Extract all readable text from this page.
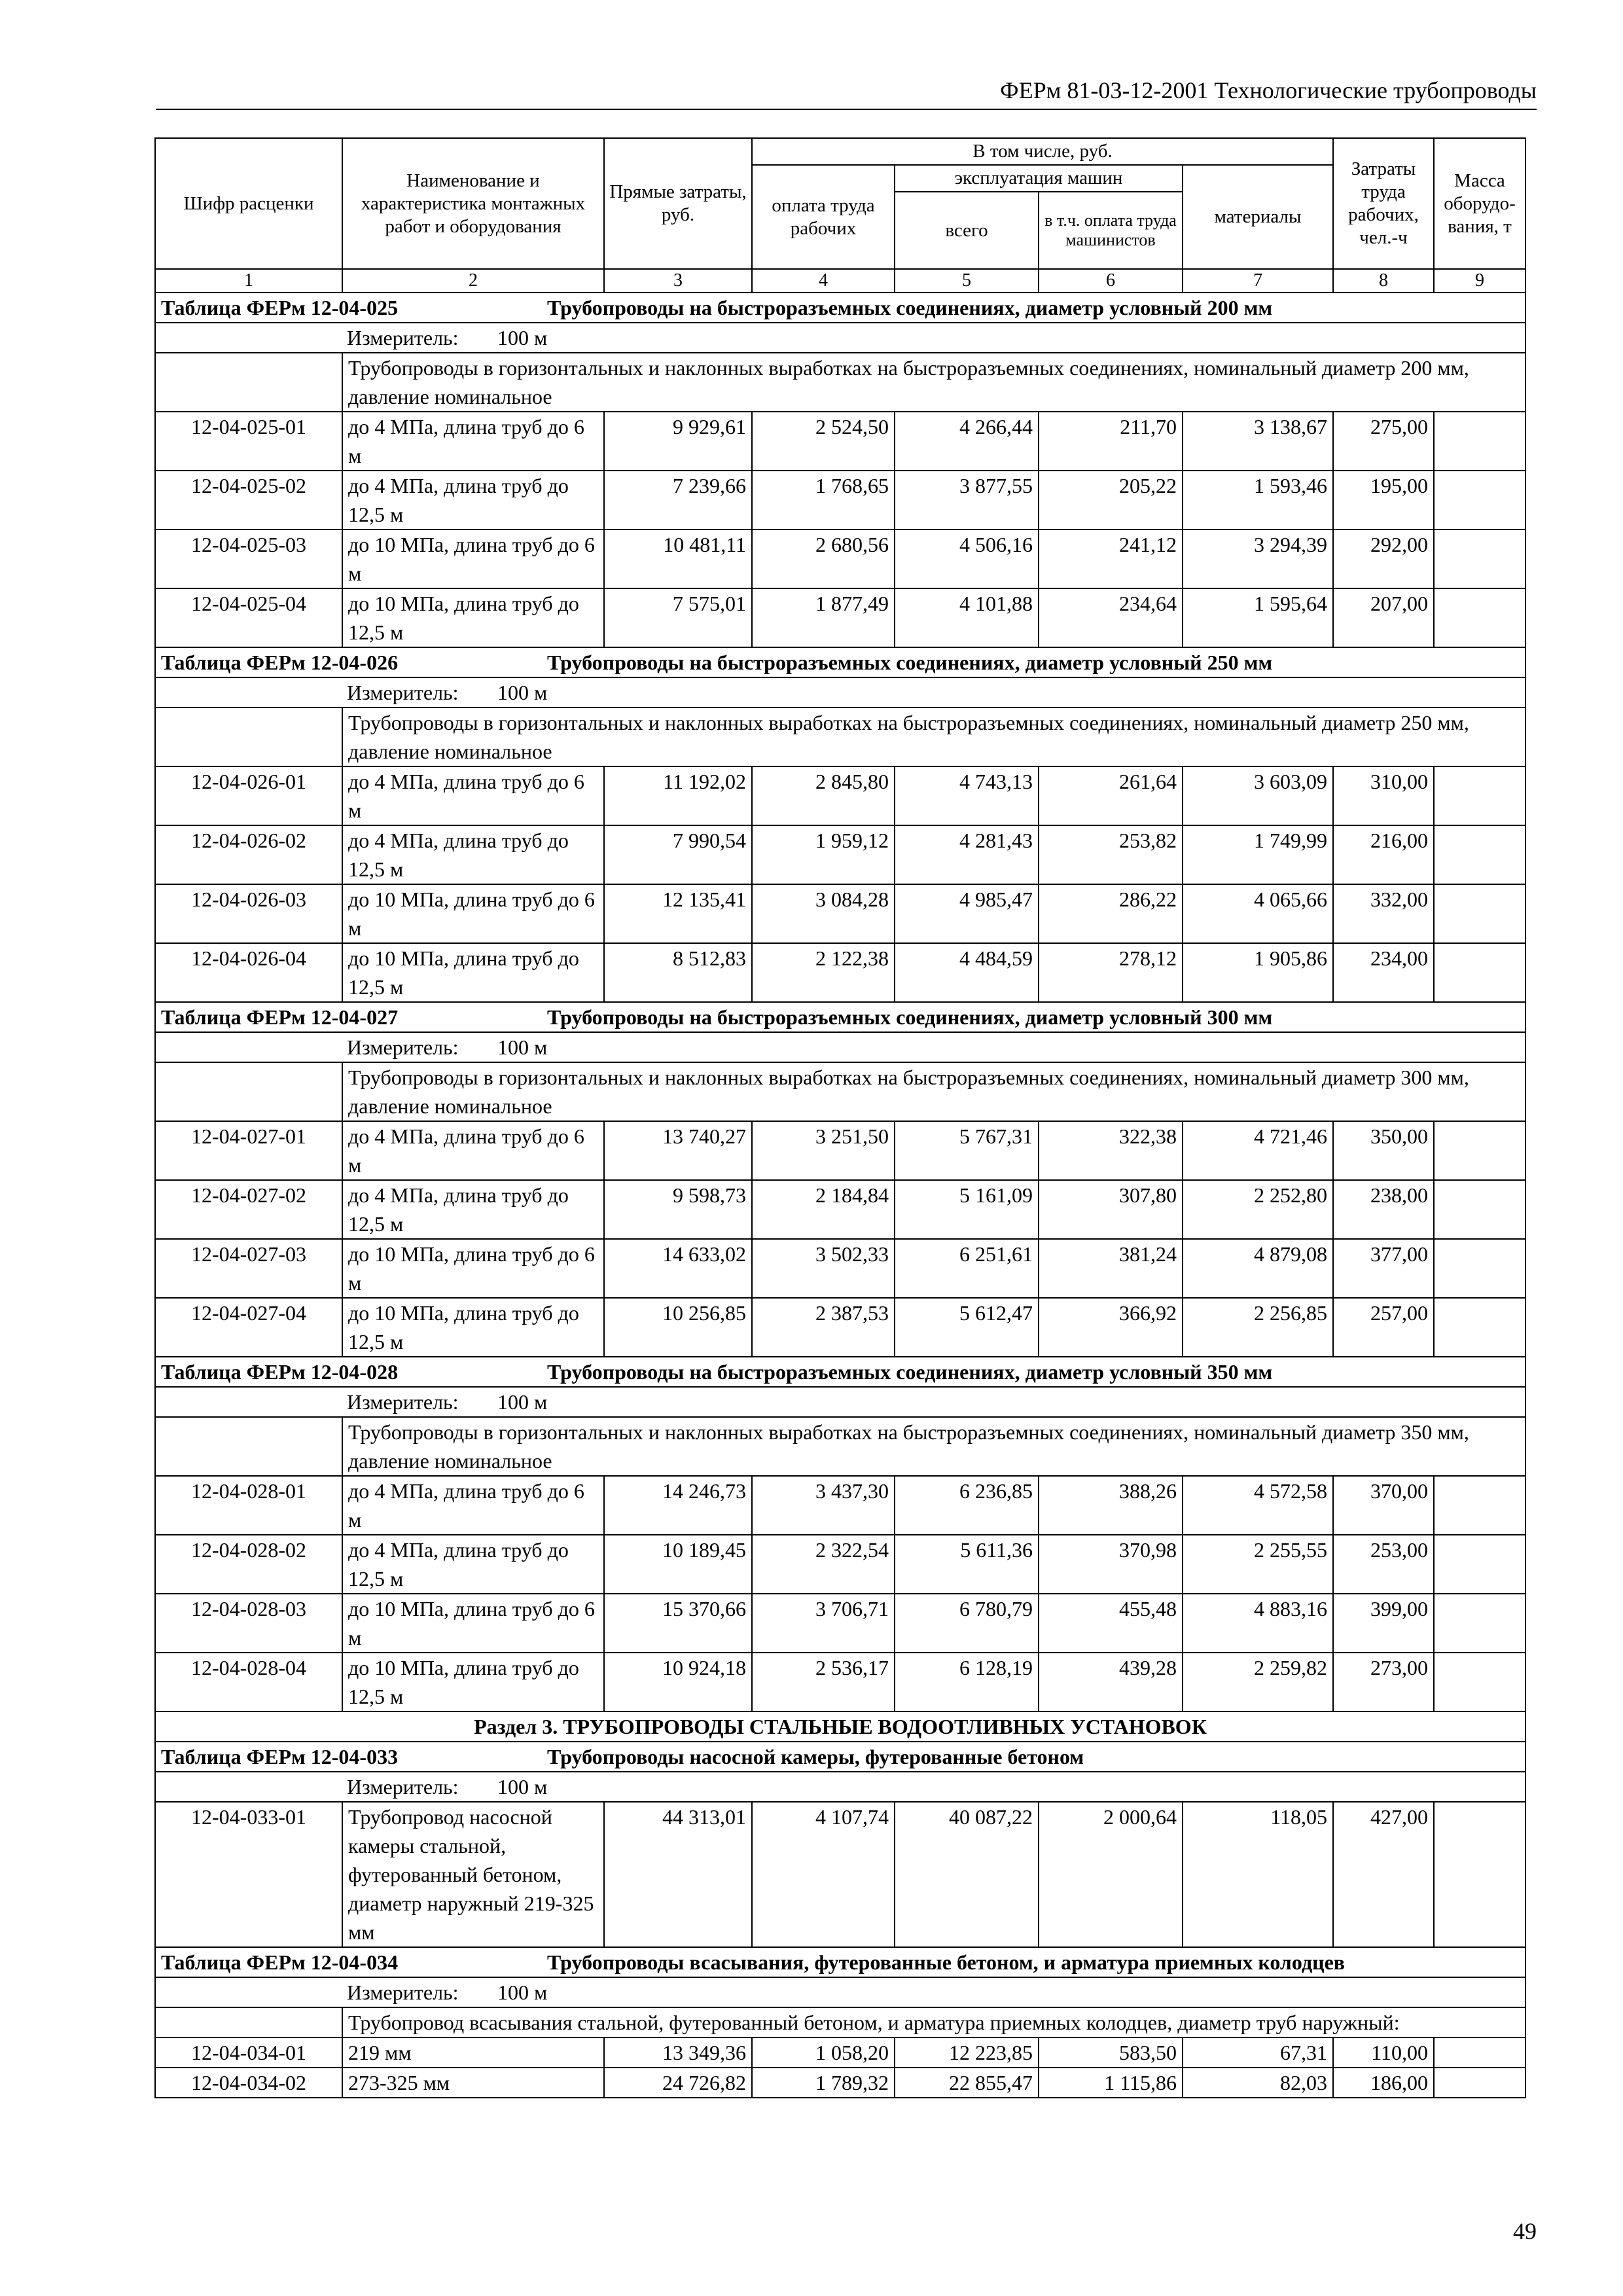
ФЕРм 81-03-12-2001 Технологические трубопроводы
Шифр расценки	Наименование и характеристика монтажных работ и оборудования	Прямые затраты, руб.	В том числе, руб.				Затраты труда рабочих, чел.-ч	Масса оборудо-вания, т
			оплата труда рабочих	эксплуатация машин		материалы		
				всего	в т.ч. оплата труда машинистов			
1	2	3	4	5	6	7	8	9

Таблица ФЕРм 12-04-025 Трубопроводы на быстроразъемных соединениях, диаметр условный 200 мм								

Измеритель: 100 м								
	Трубопроводы в горизонтальных и наклонных выработках на быстроразъемных соединениях, номинальный диаметр 200 мм, давление номинальное							
12-04-025-01	до 4 МПа, длина труб до 6 м	9 929,61	2 524,50	4 266,44	211,70	3 138,67	275,00	
12-04-025-02	до 4 МПа, длина труб до 12,5 м	7 239,66	1 768,65	3 877,55	205,22	1 593,46	195,00	
12-04-025-03	до 10 МПа, длина труб до 6 м	10 481,11	2 680,56	4 506,16	241,12	3 294,39	292,00	
12-04-025-04	до 10 МПа, длина труб до 12,5 м	7 575,01	1 877,49	4 101,88	234,64	1 595,64	207,00	

Таблица ФЕРм 12-04-026 Трубопроводы на быстроразъемных соединениях, диаметр условный 250 мм								

Измеритель: 100 м								
	Трубопроводы в горизонтальных и наклонных выработках на быстроразъемных соединениях, номинальный диаметр 250 мм, давление номинальное							
12-04-026-01	до 4 МПа, длина труб до 6 м	11 192,02	2 845,80	4 743,13	261,64	3 603,09	310,00	
12-04-026-02	до 4 МПа, длина труб до 12,5 м	7 990,54	1 959,12	4 281,43	253,82	1 749,99	216,00	
12-04-026-03	до 10 МПа, длина труб до 6 м	12 135,41	3 084,28	4 985,47	286,22	4 065,66	332,00	
12-04-026-04	до 10 МПа, длина труб до 12,5 м	8 512,83	2 122,38	4 484,59	278,12	1 905,86	234,00	

Таблица ФЕРм 12-04-027 Трубопроводы на быстроразъемных соединениях, диаметр условный 300 мм								

Измеритель: 100 м								
	Трубопроводы в горизонтальных и наклонных выработках на быстроразъемных соединениях, номинальный диаметр 300 мм, давление номинальное							
12-04-027-01	до 4 МПа, длина труб до 6 м	13 740,27	3 251,50	5 767,31	322,38	4 721,46	350,00	
12-04-027-02	до 4 МПа, длина труб до 12,5 м	9 598,73	2 184,84	5 161,09	307,80	2 252,80	238,00	
12-04-027-03	до 10 МПа, длина труб до 6 м	14 633,02	3 502,33	6 251,61	381,24	4 879,08	377,00	
12-04-027-04	до 10 МПа, длина труб до 12,5 м	10 256,85	2 387,53	5 612,47	366,92	2 256,85	257,00	

Таблица ФЕРм 12-04-028 Трубопроводы на быстроразъемных соединениях, диаметр условный 350 мм								

Измеритель: 100 м								
	Трубопроводы в горизонтальных и наклонных выработках на быстроразъемных соединениях, номинальный диаметр 350 мм, давление номинальное							
12-04-028-01	до 4 МПа, длина труб до 6 м	14 246,73	3 437,30	6 236,85	388,26	4 572,58	370,00	
12-04-028-02	до 4 МПа, длина труб до 12,5 м	10 189,45	2 322,54	5 611,36	370,98	2 255,55	253,00	
12-04-028-03	до 10 МПа, длина труб до 6 м	15 370,66	3 706,71	6 780,79	455,48	4 883,16	399,00	
12-04-028-04	до 10 МПа, длина труб до 12,5 м	10 924,18	2 536,17	6 128,19	439,28	2 259,82	273,00	
Раздел 3. ТРУБОПРОВОДЫ СТАЛЬНЫЕ ВОДООТЛИВНЫХ УСТАНОВОК								

Таблица ФЕРм 12-04-033 Трубопроводы насосной камеры, футерованные бетоном								

Измеритель: 100 м								
12-04-033-01	Трубопровод насосной камеры стальной, футерованный бетоном, диаметр наружный 219-325 мм	44 313,01	4 107,74	40 087,22	2 000,64	118,05	427,00	

Таблица ФЕРм 12-04-034 Трубопроводы всасывания, футерованные бетоном, и арматура приемных колодцев								

Измеритель: 100 м								
	Трубопровод всасывания стальной, футерованный бетоном, и арматура приемных колодцев, диаметр труб наружный:							
12-04-034-01	219 мм	13 349,36	1 058,20	12 223,85	583,50	67,31	110,00	
12-04-034-02	273-325 мм	24 726,82	1 789,32	22 855,47	1 115,86	82,03	186,00	
49
